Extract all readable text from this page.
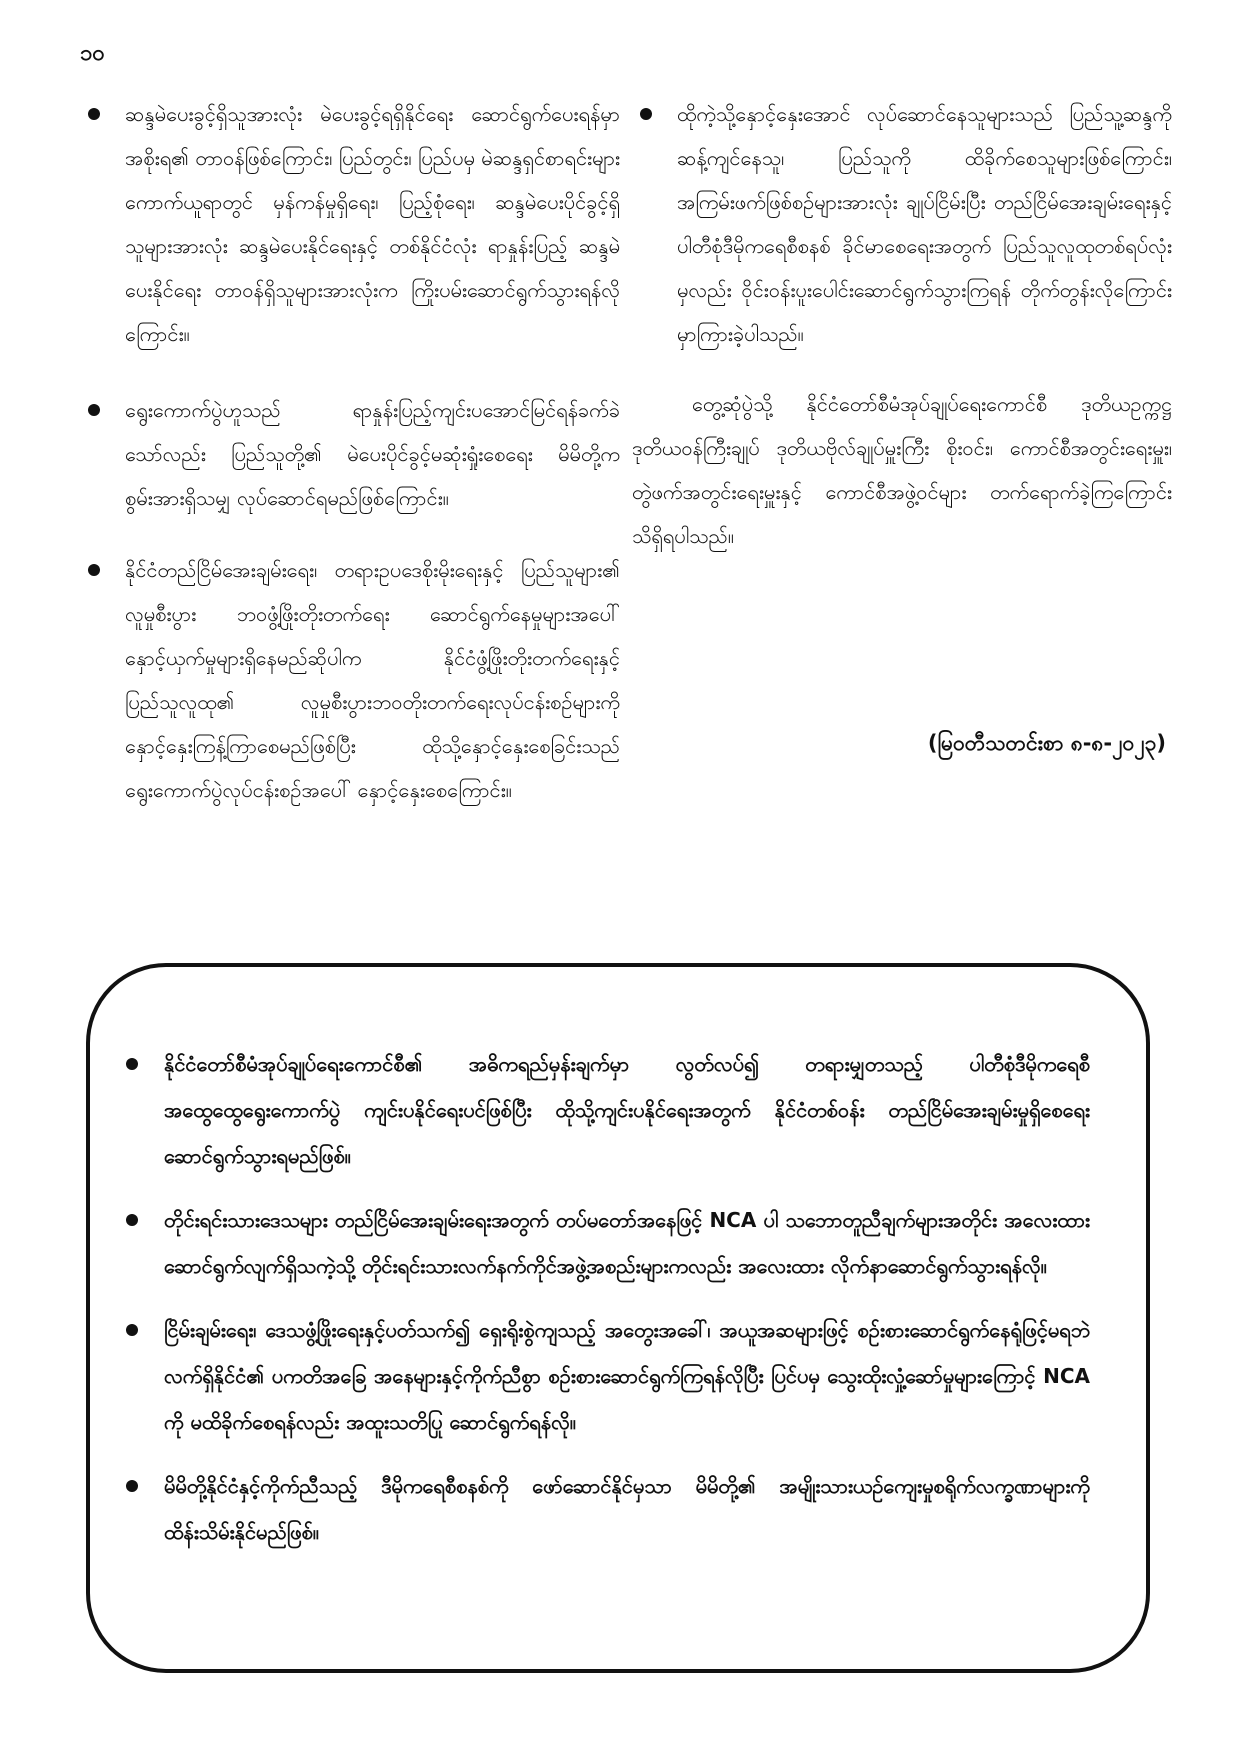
၁၀
ဆန္ဒမဲပေးခွင့်ရှိသူအားလုံး မဲပေးခွင့်ရရှိနိုင်ရေး ဆောင်ရွက်ပေးရန်မှာ အစိုးရ၏ တာဝန်ဖြစ်ကြောင်း၊ ပြည်တွင်း၊ ပြည်ပမှ မဲဆန္ဒရှင်စာရင်းများ ကောက်ယူရာတွင် မှန်ကန်မှုရှိရေး၊ ပြည့်စုံရေး၊ ဆန္ဒမဲပေးပိုင်ခွင့်ရှိသူများအားလုံး ဆန္ဒမဲပေးနိုင်ရေးနှင့် တစ်နိုင်ငံလုံး ရာနှုန်းပြည့် ဆန္ဒမဲပေးနိုင်ရေး တာဝန်ရှိသူများအားလုံးက ကြိုးပမ်းဆောင်ရွက်သွားရန်လိုကြောင်း။
ရွေးကောက်ပွဲဟူသည် ရာနှုန်းပြည့်ကျင်းပအောင်မြင်ရန်ခက်ခဲသော်လည်း ပြည်သူတို့၏ မဲပေးပိုင်ခွင့်မဆုံးရှုံးစေရေး မိမိတို့က စွမ်းအားရှိသမျှ လုပ်ဆောင်ရမည်ဖြစ်ကြောင်း။
နိုင်ငံတည်ငြိမ်အေးချမ်းရေး၊ တရားဥပဒေစိုးမိုးရေးနှင့် ပြည်သူများ၏ လူမှုစီးပွား ဘဝဖွံ့ဖြိုးတိုးတက်ရေး ဆောင်ရွက်နေမှုများအပေါ် နှောင့်ယှက်မှုများရှိနေမည်ဆိုပါက နိုင်ငံဖွံ့ဖြိုးတိုးတက်ရေးနှင့် ပြည်သူလူထု၏ လူမှုစီးပွားဘဝတိုးတက်ရေးလုပ်ငန်းစဉ်များကို နှောင့်နှေးကြန့်ကြာစေမည်ဖြစ်ပြီး ထိုသို့နှောင့်နှေးစေခြင်းသည် ရွေးကောက်ပွဲလုပ်ငန်းစဉ်အပေါ် နှောင့်နှေးစေကြောင်း။
ထိုကဲ့သို့နှောင့်နှေးအောင် လုပ်ဆောင်နေသူများသည် ပြည်သူ့ဆန္ဒကို ဆန့်ကျင်နေသူ၊ ပြည်သူကို ထိခိုက်စေသူများဖြစ်ကြောင်း၊ အကြမ်းဖက်ဖြစ်စဉ်များအားလုံး ချုပ်ငြိမ်းပြီး တည်ငြိမ်အေးချမ်းရေးနှင့် ပါတီစုံဒီမိုကရေစီစနစ် ခိုင်မာစေရေးအတွက် ပြည်သူလူထုတစ်ရပ်လုံးမှလည်း ဝိုင်းဝန်းပူးပေါင်းဆောင်ရွက်သွားကြရန် တိုက်တွန်းလိုကြောင်း မှာကြားခဲ့ပါသည်။
တွေ့ဆုံပွဲသို့ နိုင်ငံတော်စီမံအုပ်ချုပ်ရေးကောင်စီ ဒုတိယဥက္ကဋ္ဌ ဒုတိယဝန်ကြီးချုပ် ဒုတိယဗိုလ်ချုပ်မှူးကြီး စိုးဝင်း၊ ကောင်စီအတွင်းရေးမှူး၊ တွဲဖက်အတွင်းရေးမှူးနှင့် ကောင်စီအဖွဲ့ဝင်များ တက်ရောက်ခဲ့ကြကြောင်း သိရှိရပါသည်။
(မြဝတီသတင်းစာ ၈-၈-၂၀၂၃)
နိုင်ငံတော်စီမံအုပ်ချုပ်ရေးကောင်စီ၏ အဓိကရည်မှန်းချက်မှာ လွတ်လပ်၍ တရားမျှတသည့် ပါတီစုံဒီမိုကရေစီအထွေထွေရွေးကောက်ပွဲ ကျင်းပနိုင်ရေးပင်ဖြစ်ပြီး ထိုသို့ကျင်းပနိုင်ရေးအတွက် နိုင်ငံတစ်ဝန်း တည်ငြိမ်အေးချမ်းမှုရှိစေရေး ဆောင်ရွက်သွားရမည်ဖြစ်။
တိုင်းရင်းသားဒေသများ တည်ငြိမ်အေးချမ်းရေးအတွက် တပ်မတော်အနေဖြင့် NCA ပါ သဘောတူညီချက်များအတိုင်း အလေးထားဆောင်ရွက်လျက်ရှိသကဲ့သို့ တိုင်းရင်းသားလက်နက်ကိုင်အဖွဲ့အစည်းများကလည်း အလေးထား လိုက်နာဆောင်ရွက်သွားရန်လို။
ငြိမ်းချမ်းရေး၊ ဒေသဖွံ့ဖြိုးရေးနှင့်ပတ်သက်၍ ရှေးရိုးစွဲကျသည့် အတွေးအခေါ်၊ အယူအဆများဖြင့် စဉ်းစားဆောင်ရွက်နေရုံဖြင့်မရဘဲ လက်ရှိနိုင်ငံ၏ ပကတိအခြေ အနေများနှင့်ကိုက်ညီစွာ စဉ်းစားဆောင်ရွက်ကြရန်လိုပြီး ပြင်ပမှ သွေးထိုးလှုံ့ဆော်မှုများကြောင့် NCA ကို မထိခိုက်စေရန်လည်း အထူးသတိပြု ဆောင်ရွက်ရန်လို။
မိမိတို့နိုင်ငံနှင့်ကိုက်ညီသည့် ဒီမိုကရေစီစနစ်ကို ဖော်ဆောင်နိုင်မှသာ မိမိတို့၏ အမျိုးသားယဉ်ကျေးမှုစရိုက်လက္ခဏာများကို ထိန်းသိမ်းနိုင်မည်ဖြစ်။
